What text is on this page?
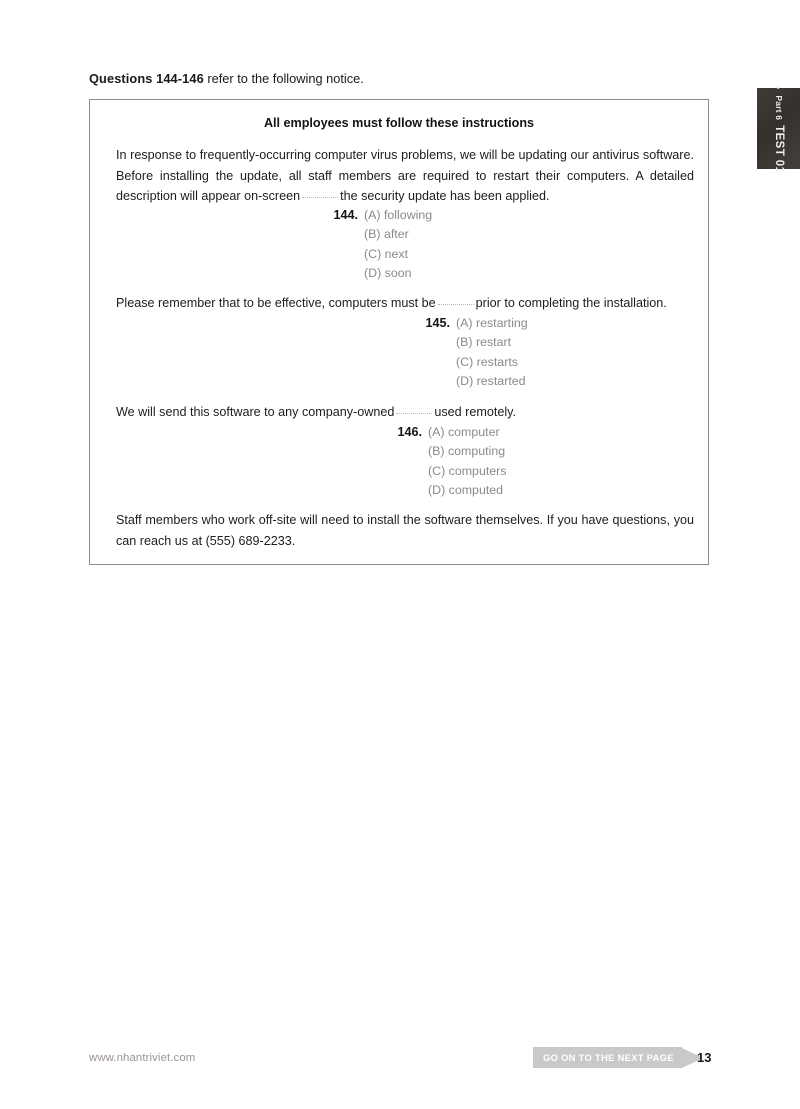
»
Part 6
TEST 01
Questions 144-146 refer to the following notice.
All employees must follow these instructions
In response to frequently-occurring computer virus problems, we will be updating our antivirus software. Before installing the update, all staff members are required to restart their computers. A detailed description will appear on-screen	the security update has been applied.
144. (A) following
(B) after
(C) next
(D) soon
Please remember that to be effective, computers must be	prior to completing the installation.
145. (A) restarting
(B) restart
(C) restarts
(D) restarted
We will send this software to any company-owned	used remotely.
146. (A) computer
(B) computing
(C) computers
(D) computed
Staff members who work off-site will need to install the software themselves. If you have questions, you can reach us at (555) 689-2233.
www.nhantriviet.com	GO ON TO THE NEXT PAGE 13
